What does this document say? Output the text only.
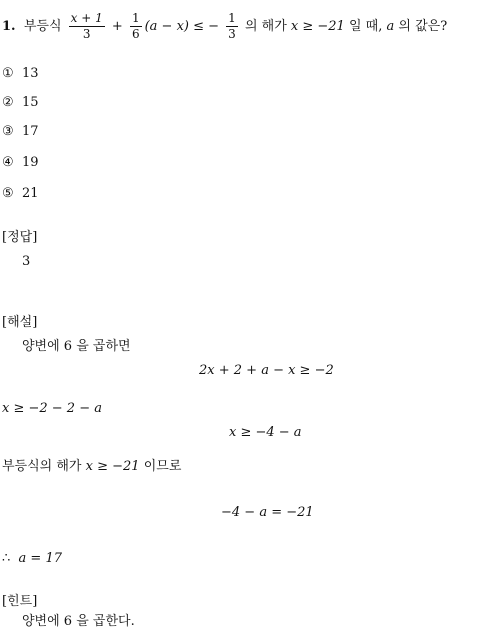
1. 부등식 $\frac{x + 1}{3} + \frac{1}{6} (a - x)$ ≤ − $\frac{1}{3}$ 의 해가 x ≥ −21 일 때, a 의 값은?
① 13
② 15
③ 17
④ 19
⑤ 21
[정답]
3
[해설]
양변에 6 을 곱하면
2x + 2 + a − x ≥ −2
x ≥ −2 − 2 − a
x ≥ −4 − a
부등식의 해가 x ≥ −21 이므로
−4 − a = −21
∴ a = 17
[힌트]
양변에 6 을 곱한다.
